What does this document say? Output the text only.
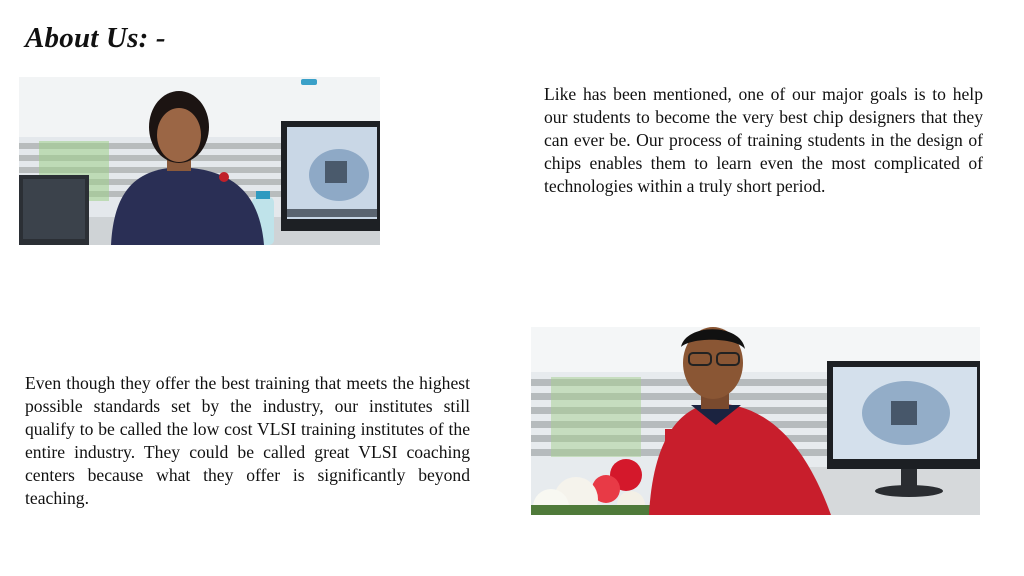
About Us: -

Like has been mentioned, one of our major goals is to help our students to become the very best chip designers that they can ever be. Our process of training students in the design of chips enables them to learn even the most complicated of technologies within a truly short period.

Even though they offer the best training that meets the highest possible standards set by the industry, our institutes still qualify to be called the low cost VLSI training institutes of the entire industry. They could be called great VLSI coaching centers because what they offer is significantly beyond teaching.
